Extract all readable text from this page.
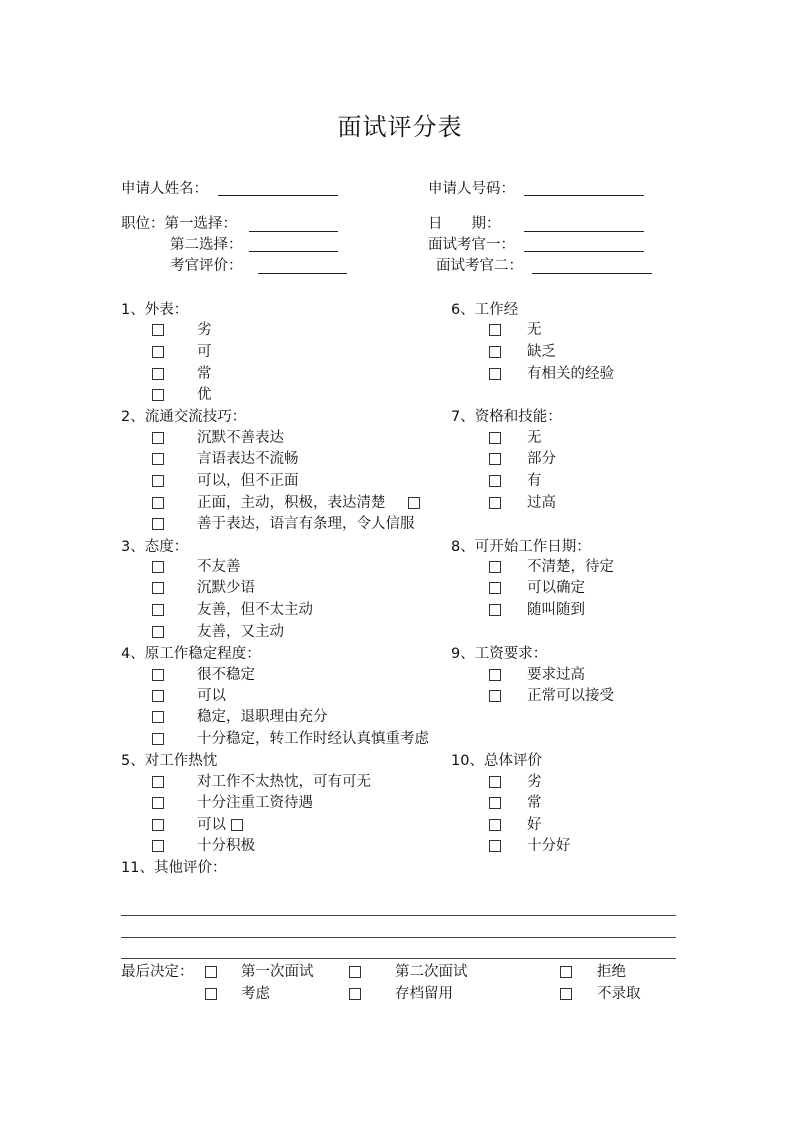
面试评分表
申请人姓名：	申请人号码：
职位：第一选择：	日　　期：
第二选择：	面试考官一：
考官评价：	面试考官二：
1、外表：
劣
可
常
优
2、流通交流技巧：
沉默不善表达
言语表达不流畅
可以，但不正面
正面，主动，积极，表达清楚
善于表达，语言有条理，令人信服
3、态度：
不友善
沉默少语
友善，但不太主动
友善，又主动
4、原工作稳定程度：
很不稳定
可以
稳定，退职理由充分
十分稳定，转工作时经认真慎重考虑
5、对工作热忱
对工作不太热忱，可有可无
十分注重工资待遇
可以
十分积极
6、工作经
无
缺乏
有相关的经验
7、资格和技能：
无
部分
有
过高
8、可开始工作日期：
不清楚，待定
可以确定
随叫随到
9、工资要求：
要求过高
正常可以接受
10、总体评价
劣
常
好
十分好
11、其他评价：
最后决定：	第一次面试	第二次面试	拒绝
考虑	存档留用	不录取
